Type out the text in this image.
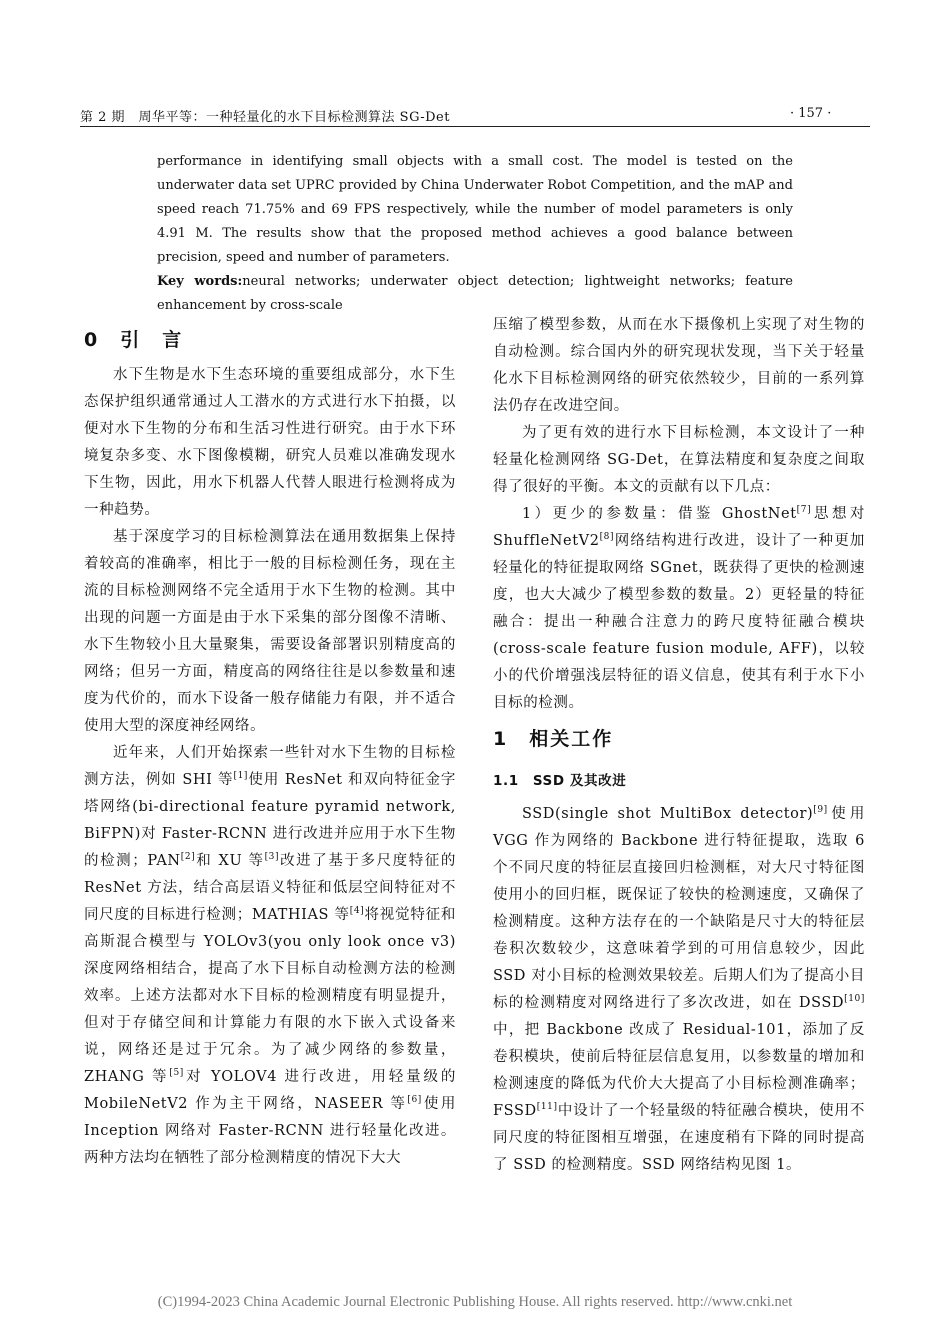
第 2 期　周华平等：一种轻量化的水下目标检测算法 SG-Det	· 157 ·

performance in identifying small objects with a small cost. The model is tested on the underwater data set UPRC provided by China Underwater Robot Competition, and the mAP and speed reach 71.75% and 69 FPS respectively, while the number of model parameters is only 4.91 M. The results show that the proposed method achieves a good balance between precision, speed and number of parameters.

Key words:neural networks; underwater object detection; lightweight networks; feature enhancement by cross-scale

0　引　言

水下生物是水下生态环境的重要组成部分，水下生态保护组织通常通过人工潜水的方式进行水下拍摄，以便对水下生物的分布和生活习性进行研究。由于水下环境复杂多变、水下图像模糊，研究人员难以准确发现水下生物，因此，用水下机器人代替人眼进行检测将成为一种趋势。

基于深度学习的目标检测算法在通用数据集上保持着较高的准确率，相比于一般的目标检测任务，现在主流的目标检测网络不完全适用于水下生物的检测。其中出现的问题一方面是由于水下采集的部分图像不清晰、水下生物较小且大量聚集，需要设备部署识别精度高的网络；但另一方面，精度高的网络往往是以参数量和速度为代价的，而水下设备一般存储能力有限，并不适合使用大型的深度神经网络。

近年来，人们开始探索一些针对水下生物的目标检测方法，例如 SHI 等[1]使用 ResNet 和双向特征金字塔网络(bi-directional feature pyramid network, BiFPN)对 Faster-RCNN 进行改进并应用于水下生物的检测；PAN[2]和 XU 等[3]改进了基于多尺度特征的 ResNet 方法，结合高层语义特征和低层空间特征对不同尺度的目标进行检测；MATHIAS 等[4]将视觉特征和高斯混合模型与 YOLOv3(you only look once v3)深度网络相结合，提高了水下目标自动检测方法的检测效率。上述方法都对水下目标的检测精度有明显提升，但对于存储空间和计算能力有限的水下嵌入式设备来说，网络还是过于冗余。为了减少网络的参数量，ZHANG 等[5]对 YOLOV4 进行改进，用轻量级的 MobileNetV2 作为主干网络，NASEER 等[6]使用 Inception 网络对 Faster-RCNN 进行轻量化改进。两种方法均在牺牲了部分检测精度的情况下大大

压缩了模型参数，从而在水下摄像机上实现了对生物的自动检测。综合国内外的研究现状发现，当下关于轻量化水下目标检测网络的研究依然较少，目前的一系列算法仍存在改进空间。

为了更有效的进行水下目标检测，本文设计了一种轻量化检测网络 SG-Det，在算法精度和复杂度之间取得了很好的平衡。本文的贡献有以下几点：

1）更少的参数量：借鉴 GhostNet[7]思想对 ShuffleNetV2[8]网络结构进行改进，设计了一种更加轻量化的特征提取网络 SGnet，既获得了更快的检测速度，也大大减少了模型参数的数量。2）更轻量的特征融合：提出一种融合注意力的跨尺度特征融合模块(cross-scale feature fusion module, AFF)，以较小的代价增强浅层特征的语义信息，使其有利于水下小目标的检测。

1　相关工作
1.1　SSD 及其改进

SSD(single shot MultiBox detector)[9]使用 VGG 作为网络的 Backbone 进行特征提取，选取 6 个不同尺度的特征层直接回归检测框，对大尺寸特征图使用小的回归框，既保证了较快的检测速度，又确保了检测精度。这种方法存在的一个缺陷是尺寸大的特征层卷积次数较少，这意味着学到的可用信息较少，因此 SSD 对小目标的检测效果较差。后期人们为了提高小目标的检测精度对网络进行了多次改进，如在 DSSD[10]中，把 Backbone 改成了 Residual-101，添加了反卷积模块，使前后特征层信息复用，以参数量的增加和检测速度的降低为代价大大提高了小目标检测准确率；FSSD[11]中设计了一个轻量级的特征融合模块，使用不同尺度的特征图相互增强，在速度稍有下降的同时提高了 SSD 的检测精度。SSD 网络结构见图 1。

(C)1994-2023 China Academic Journal Electronic Publishing House. All rights reserved. http://www.cnki.net
